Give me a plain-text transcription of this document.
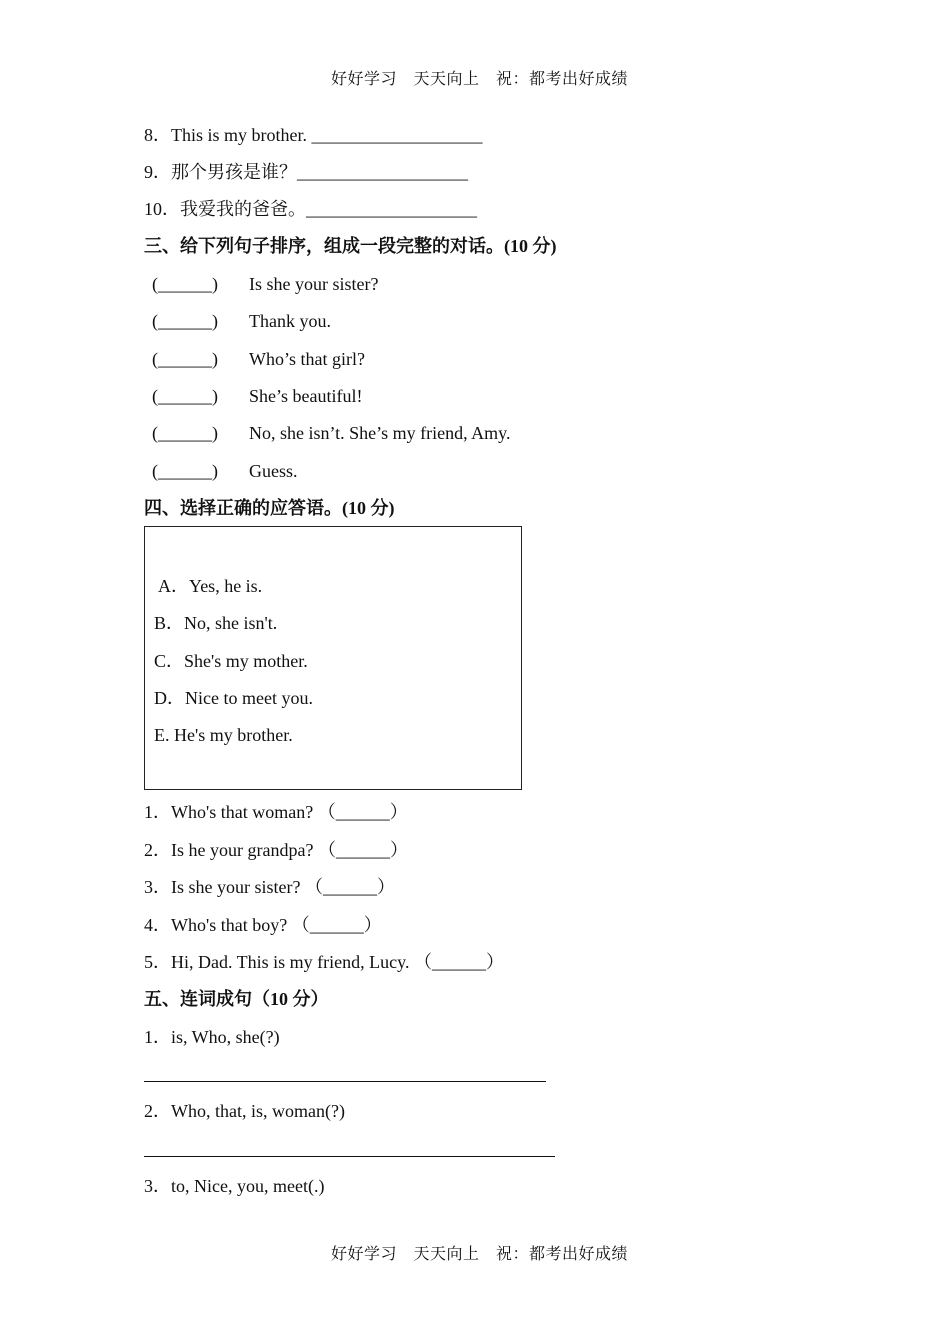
好好学习　天天向上　祝：都考出好成绩
8．This is my brother. ___________________
9．那个男孩是谁？___________________
10．我爱我的爸爸。___________________
三、给下列句子排序，组成一段完整的对话。(10 分)
(______) Is she your sister?
(______) Thank you.
(______) Who’s that girl?
(______) She’s beautiful!
(______) No, she isn’t. She’s my friend, Amy.
(______) Guess.
四、选择正确的应答语。(10 分)
A．Yes, he is.
B．No, she isn't.
C．She's my mother.
D．Nice to meet you.
E. He's my brother.
1．Who's that woman? （______）
2．Is he your grandpa? （______）
3．Is she your sister? （______）
4．Who's that boy? （______）
5．Hi, Dad. This is my friend, Lucy. （______）
五、连词成句（10 分）
1．is, Who, she(?)
2．Who, that, is, woman(?)
3．to, Nice, you, meet(.)
好好学习　天天向上　祝：都考出好成绩
